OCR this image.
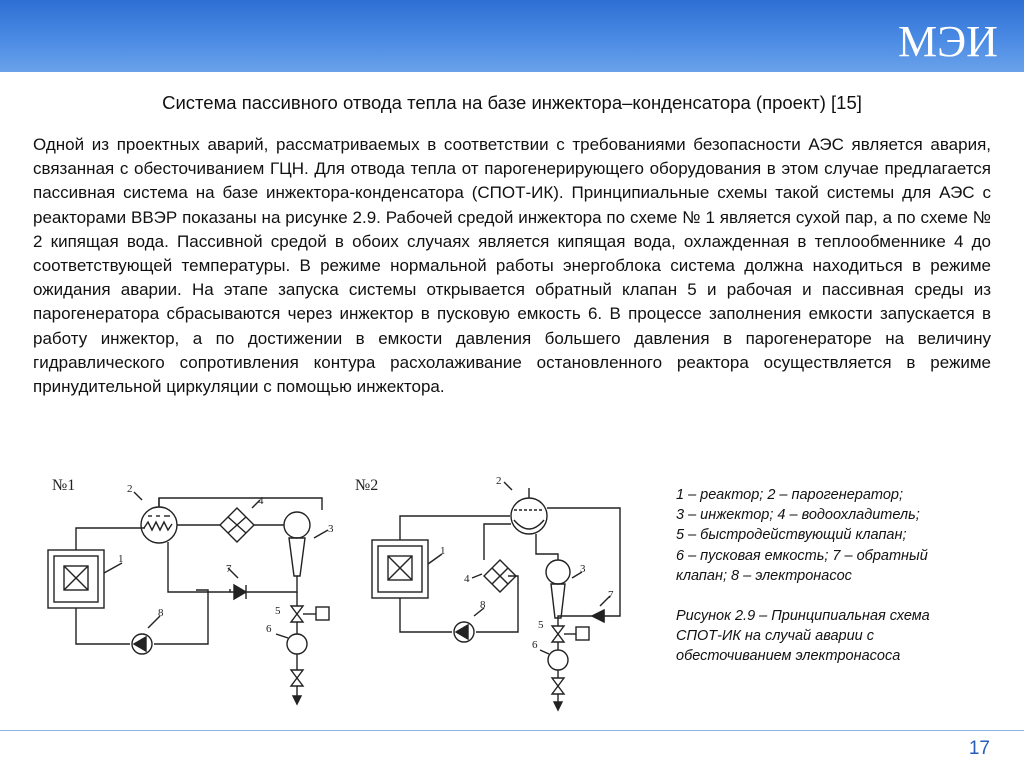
МЭИ
Система пассивного отвода тепла на базе инжектора–конденсатора (проект) [15]
Одной из проектных аварий, рассматриваемых в соответствии с требованиями безопасности АЭС является авария, связанная с обесточиванием ГЦН. Для отвода тепла от парогенерирующего оборудования в этом случае предлагается пассивная система на базе инжектора-конденсатора (СПОТ-ИК). Принципиальные схемы такой системы для АЭС с реакторами ВВЭР показаны на рисунке 2.9. Рабочей средой инжектора по схеме № 1 является сухой пар, а по схеме № 2 кипящая вода. Пассивной средой в обоих случаях является кипящая вода, охлажденная в теплообменнике 4 до соответствующей температуры. В режиме нормальной работы энергоблока система должна находиться в режиме ожидания аварии. На этапе запуска системы открывается обратный клапан 5 и рабочая и пассивная среды из парогенератора сбрасываются через инжектор в пусковую емкость 6. В процессе заполнения емкости запускается в работу инжектор, а по достижении в емкости давления большего давления в парогенераторе на величину гидравлического сопротивления контура расхолаживание остановленного реактора осуществляется в режиме принудительной циркуляции с помощью инжектора.
№1
1
8
2
4
3
7
5
6
№2
1
8
2
4
3
7
5
6
1 – реактор; 2 – парогенератор;
3 – инжектор; 4 – водоохладитель;
5 – быстродействующий клапан;
6 – пусковая емкость; 7 – обратный
клапан; 8 – электронасос
Рисунок 2.9 – Принципиальная схема
СПОТ-ИК на случай аварии с
обесточиванием электронасоса
17
